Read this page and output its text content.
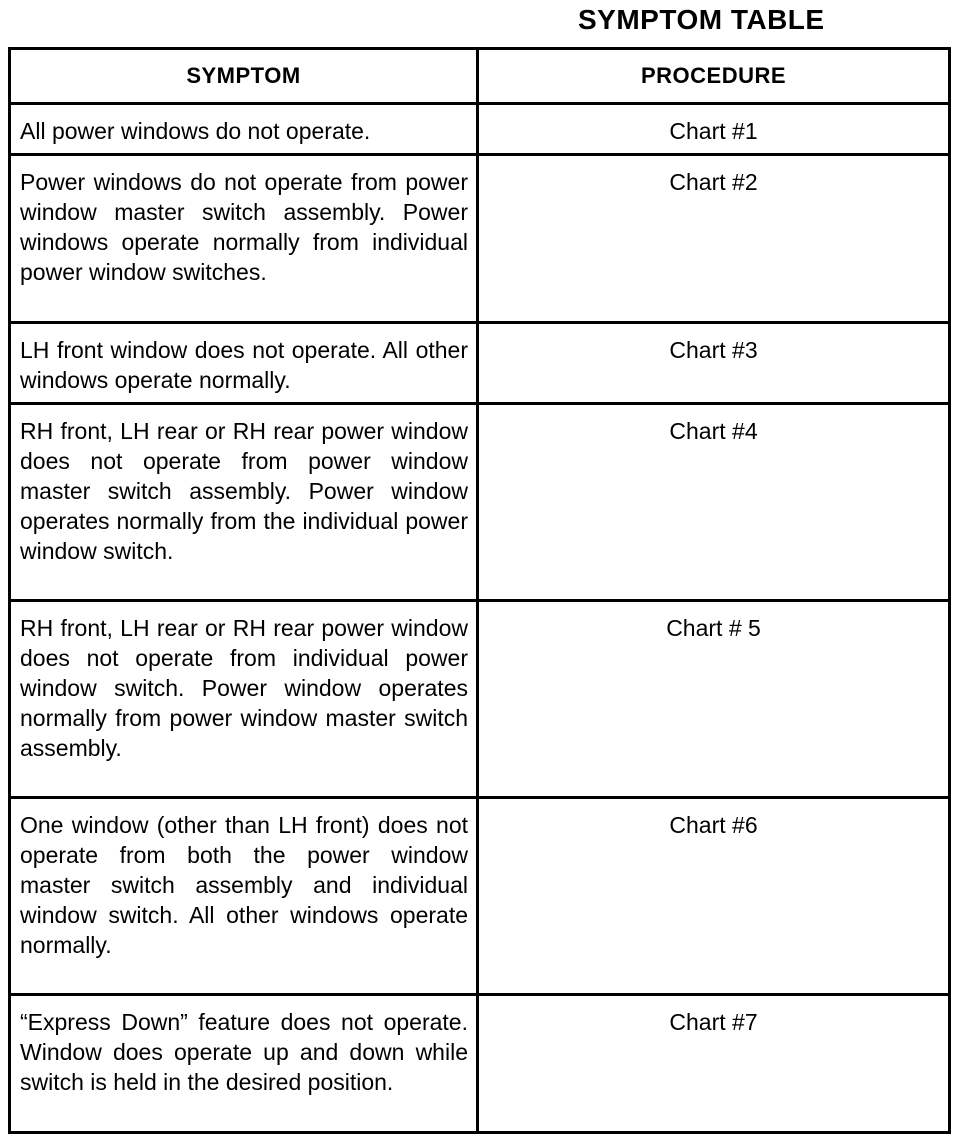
SYMPTOM TABLE
SYMPTOM	PROCEDURE

All power windows do not operate.	Chart #1

Power windows do not operate from power window master switch assembly. Power windows operate normally from individual power window switches.	Chart #2

LH front window does not operate. All other windows operate normally.	Chart #3

RH front, LH rear or RH rear power window does not operate from power window master switch assembly. Power window operates normally from the individual power window switch.	Chart #4

RH front, LH rear or RH rear power window does not operate from individual power window switch. Power window operates normally from power window master switch assembly.	Chart # 5

One window (other than LH front) does not operate from both the power window master switch assembly and individual window switch. All other windows operate normally.	Chart #6

“Express Down” feature does not operate. Window does operate up and down while switch is held in the desired position.	Chart #7
